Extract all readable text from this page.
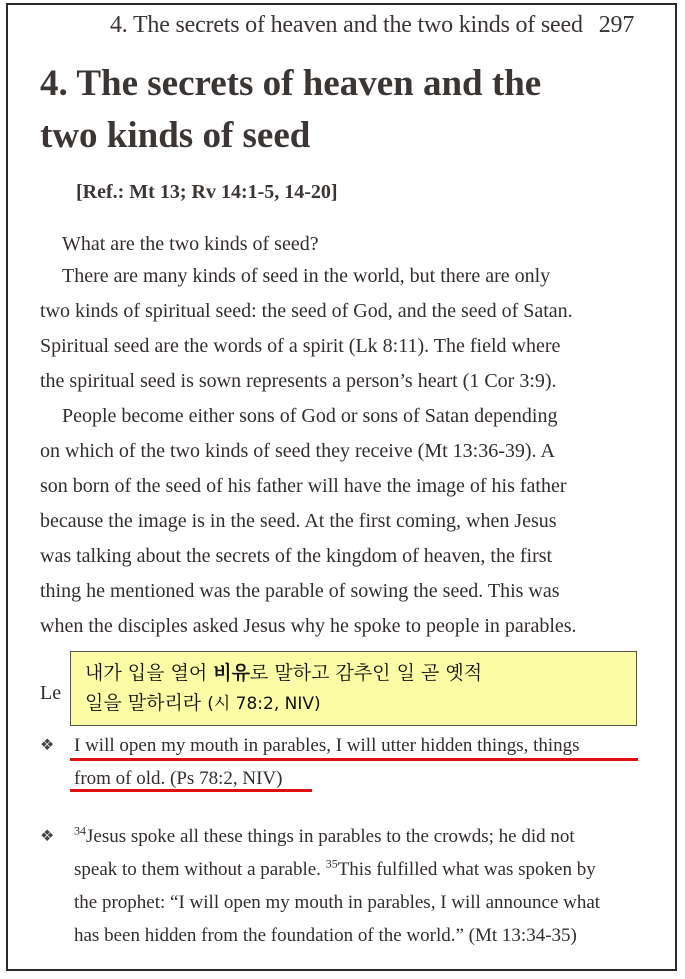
4. The secrets of heaven and the two kinds of seed 297
4. The secrets of heaven and the
two kinds of seed
[Ref.: Mt 13; Rv 14:1-5, 14-20]
What are the two kinds of seed?
There are many kinds of seed in the world, but there are only
two kinds of spiritual seed: the seed of God, and the seed of Satan.
Spiritual seed are the words of a spirit (Lk 8:11). The field where
the spiritual seed is sown represents a person’s heart (1 Cor 3:9).
People become either sons of God or sons of Satan depending
on which of the two kinds of seed they receive (Mt 13:36-39). A
son born of the seed of his father will have the image of his father
because the image is in the seed. At the first coming, when Jesus
was talking about the secrets of the kingdom of heaven, the first
thing he mentioned was the parable of sowing the seed. This was
when the disciples asked Jesus why he spoke to people in parables.
Le
내가 입을 열어 비유로 말하고 감추인 일 곧 옛적
일을 말하리라 (시 78:2, NIV)
❖ I will open my mouth in parables, I will utter hidden things, things
from of old. (Ps 78:2, NIV)
❖	$^{34}$Jesus spoke all these things in parables to the crowds; he did not
speak to them without a parable. $^{35}$This fulfilled what was spoken by
the prophet: “I will open my mouth in parables, I will announce what
has been hidden from the foundation of the world.” (Mt 13:34-35)
